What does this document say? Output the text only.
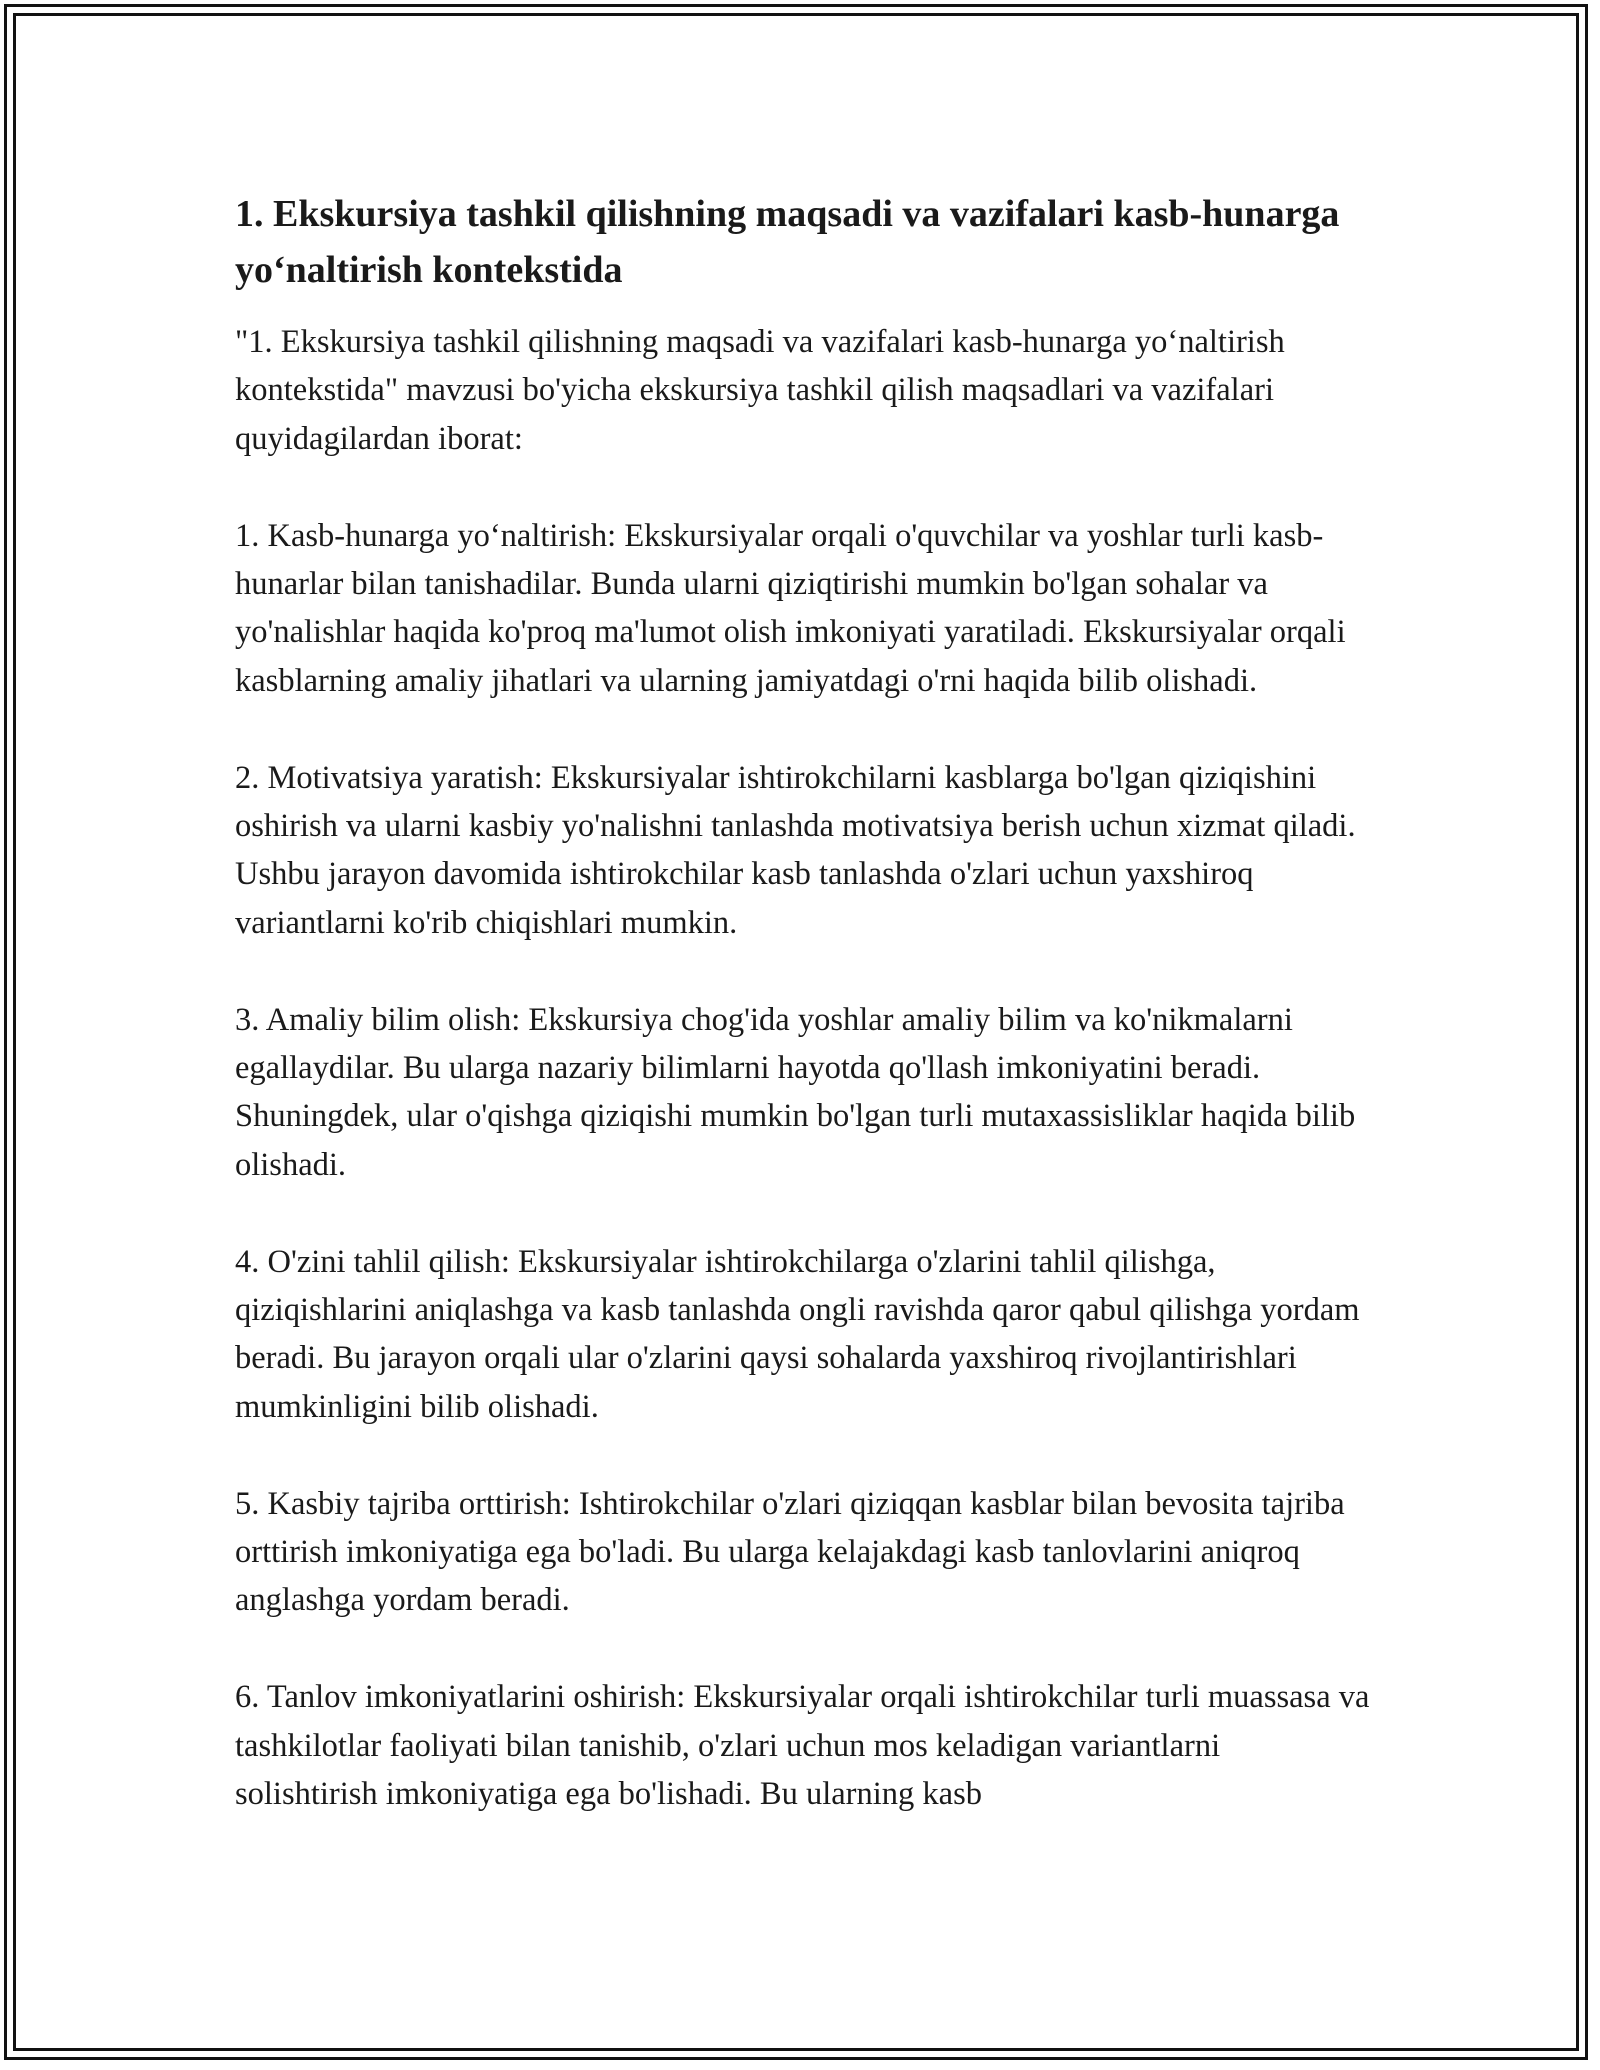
1. Ekskursiya tashkil qilishning maqsadi va vazifalari kasb-hunarga yo‘naltirish kontekstida

"1. Ekskursiya tashkil qilishning maqsadi va vazifalari kasb-hunarga yo‘naltirish kontekstida" mavzusi bo'yicha ekskursiya tashkil qilish maqsadlari va vazifalari quyidagilardan iborat:

1. Kasb-hunarga yo‘naltirish: Ekskursiyalar orqali o'quvchilar va yoshlar turli kasb-hunarlar bilan tanishadilar. Bunda ularni qiziqtirishi mumkin bo'lgan sohalar va yo'nalishlar haqida ko'proq ma'lumot olish imkoniyati yaratiladi. Ekskursiyalar orqali kasblarning amaliy jihatlari va ularning jamiyatdagi o'rni haqida bilib olishadi.

2. Motivatsiya yaratish: Ekskursiyalar ishtirokchilarni kasblarga bo'lgan qiziqishini oshirish va ularni kasbiy yo'nalishni tanlashda motivatsiya berish uchun xizmat qiladi. Ushbu jarayon davomida ishtirokchilar kasb tanlashda o'zlari uchun yaxshiroq variantlarni ko'rib chiqishlari mumkin.

3. Amaliy bilim olish: Ekskursiya chog'ida yoshlar amaliy bilim va ko'nikmalarni egallaydilar. Bu ularga nazariy bilimlarni hayotda qo'llash imkoniyatini beradi. Shuningdek, ular o'qishga qiziqishi mumkin bo'lgan turli mutaxassisliklar haqida bilib olishadi.

4. O'zini tahlil qilish: Ekskursiyalar ishtirokchilarga o'zlarini tahlil qilishga, qiziqishlarini aniqlashga va kasb tanlashda ongli ravishda qaror qabul qilishga yordam beradi. Bu jarayon orqali ular o'zlarini qaysi sohalarda yaxshiroq rivojlantirishlari mumkinligini bilib olishadi.

5. Kasbiy tajriba orttirish: Ishtirokchilar o'zlari qiziqqan kasblar bilan bevosita tajriba orttirish imkoniyatiga ega bo'ladi. Bu ularga kelajakdagi kasb tanlovlarini aniqroq anglashga yordam beradi.

6. Tanlov imkoniyatlarini oshirish: Ekskursiyalar orqali ishtirokchilar turli muassasa va tashkilotlar faoliyati bilan tanishib, o'zlari uchun mos keladigan variantlarni solishtirish imkoniyatiga ega bo'lishadi. Bu ularning kasb
